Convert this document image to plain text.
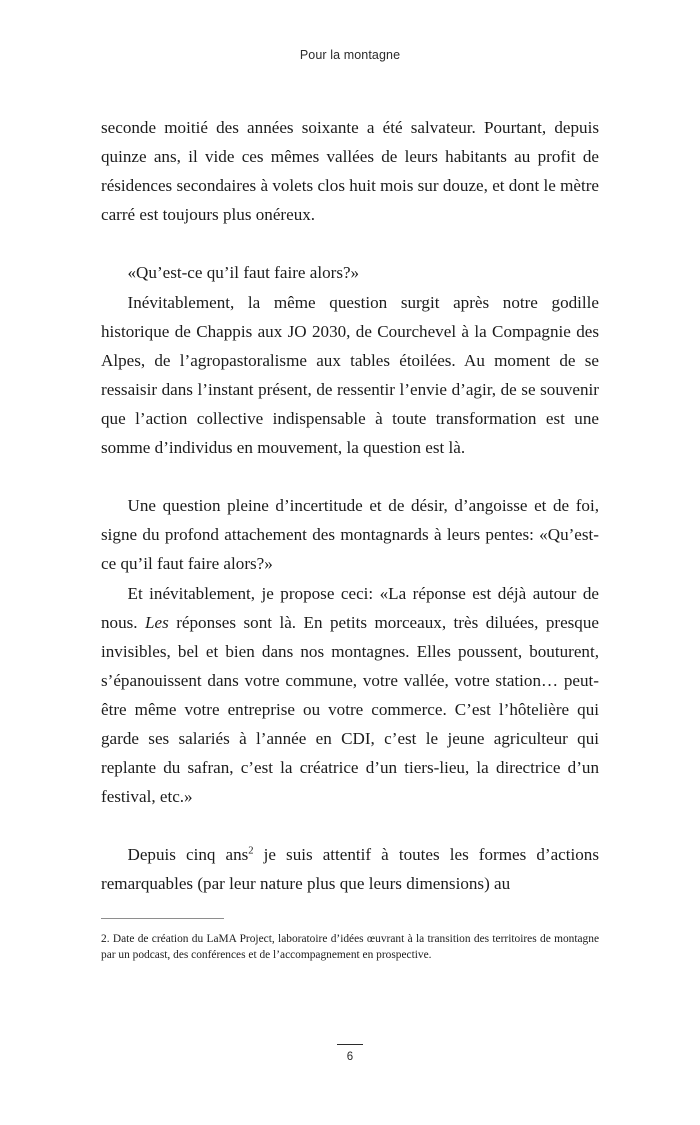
Pour la montagne

seconde moitié des années soixante a été salvateur. Pourtant, depuis quinze ans, il vide ces mêmes vallées de leurs habitants au profit de résidences secondaires à volets clos huit mois sur douze, et dont le mètre carré est toujours plus onéreux.

«Qu’est-ce qu’il faut faire alors?»

Inévitablement, la même question surgit après notre godille historique de Chappis aux JO 2030, de Courchevel à la Compagnie des Alpes, de l’agropastoralisme aux tables étoilées. Au moment de se ressaisir dans l’instant présent, de ressentir l’envie d’agir, de se souvenir que l’action collective indispensable à toute transformation est une somme d’individus en mouvement, la question est là.

Une question pleine d’incertitude et de désir, d’angoisse et de foi, signe du profond attachement des montagnards à leurs pentes: «Qu’est-ce qu’il faut faire alors?»

Et inévitablement, je propose ceci: «La réponse est déjà autour de nous. Les réponses sont là. En petits morceaux, très diluées, presque invisibles, bel et bien dans nos montagnes. Elles poussent, bouturent, s’épanouissent dans votre commune, votre vallée, votre station… peut-être même votre entreprise ou votre commerce. C’est l’hôtelière qui garde ses salariés à l’année en CDI, c’est le jeune agriculteur qui replante du safran, c’est la créatrice d’un tiers-lieu, la directrice d’un festival, etc.»

Depuis cinq ans$^2$ je suis attentif à toutes les formes d’actions remarquables (par leur nature plus que leurs dimensions) au

2. Date de création du LaMA Project, laboratoire d’idées œuvrant à la transition des territoires de montagne par un podcast, des conférences et de l’accompagnement en prospective.

6
